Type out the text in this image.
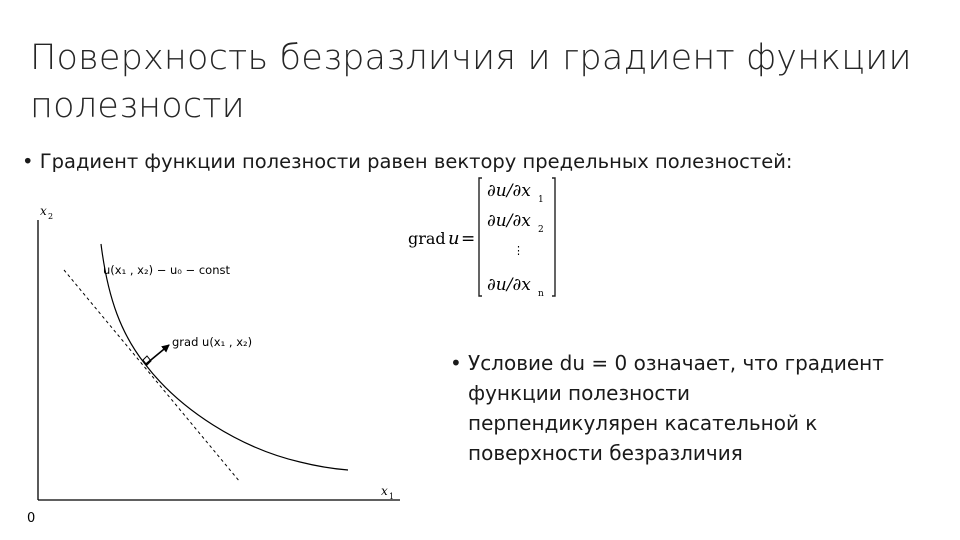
Поверхность безразличия и градиент функции
полезности
• Градиент функции полезности равен вектору предельных полезностей:
• Условие du = 0 означает, что градиент
функции полезности
перпендикулярен касательной к
поверхности безразличия
grad u =
∂u/∂x 1
∂u/∂x 2
⋮
∂u/∂x n
x 2
x 1
0
grad u(x₁ , x₂)
u(x₁ , x₂) − u₀ − const
